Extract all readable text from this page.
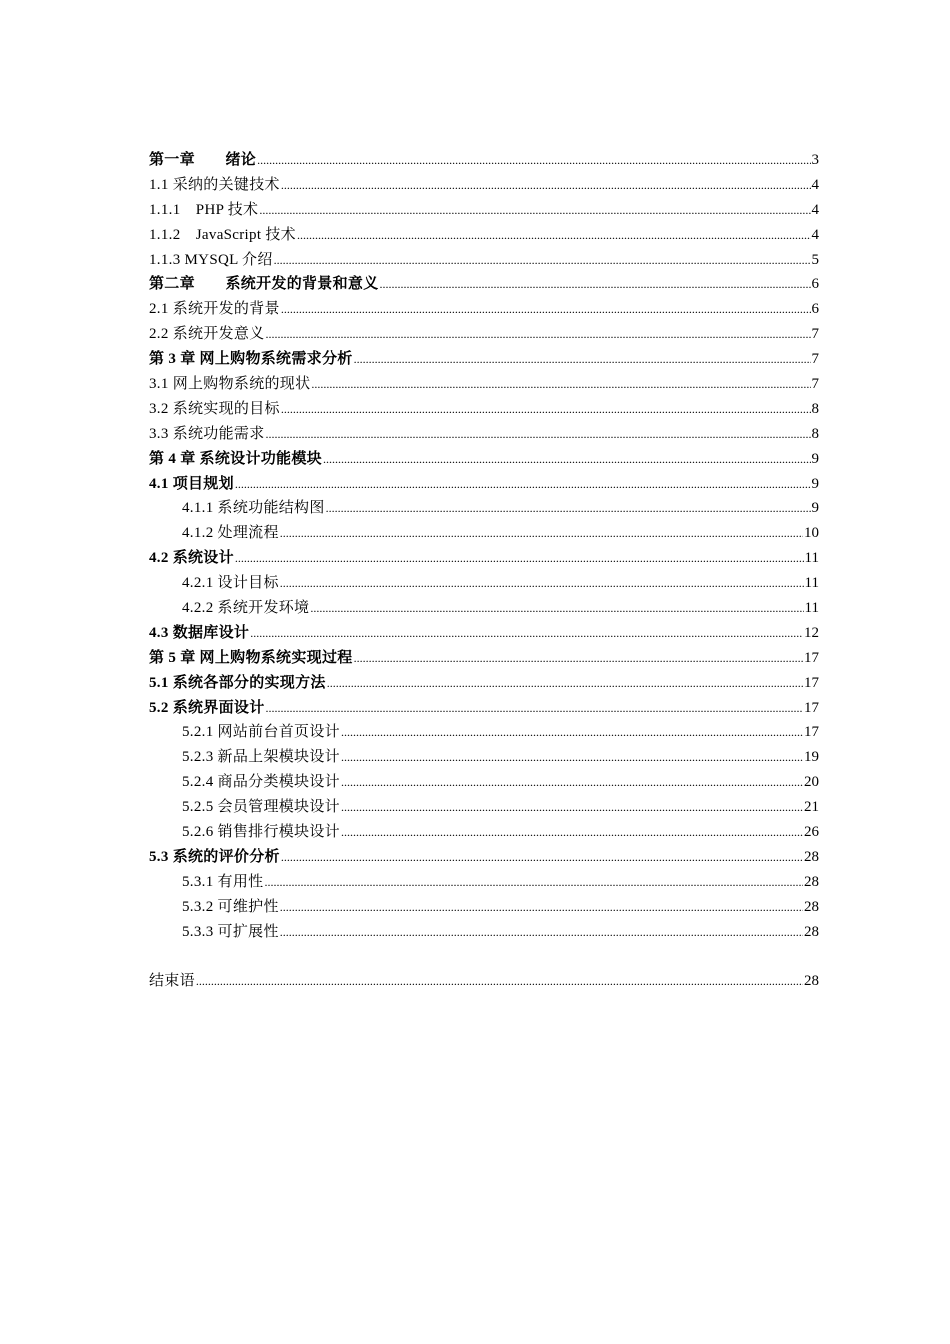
第一章　　绪论 .....	3
1.1 采纳的关键技术 .....	4
1.1.1　PHP 技术 .....	4
1.1.2　JavaScript 技术 .....	4
1.1.3 MYSQL 介绍 .....	5
第二章　　系统开发的背景和意义 .....	6
2.1 系统开发的背景 .....	6
2.2 系统开发意义 .....	7
第 3 章 网上购物系统需求分析 .....	7
3.1 网上购物系统的现状 .....	7
3.2 系统实现的目标 .....	8
3.3 系统功能需求 .....	8
第 4 章 系统设计功能模块 .....	9
4.1 项目规划 .....	9
4.1.1 系统功能结构图 .....	9
4.1.2 处理流程 .....	10
4.2 系统设计 .....	11
4.2.1 设计目标 .....	11
4.2.2 系统开发环境 .....	11
4.3 数据库设计 .....	12
第 5 章 网上购物系统实现过程 .....	17
5.1 系统各部分的实现方法 .....	17
5.2 系统界面设计 .....	17
5.2.1 网站前台首页设计 .....	17
5.2.3 新品上架模块设计 .....	19
5.2.4 商品分类模块设计 .....	20
5.2.5 会员管理模块设计 .....	21
5.2.6 销售排行模块设计 .....	26
5.3 系统的评价分析 .....	28
5.3.1 有用性 .....	28
5.3.2 可维护性 .....	28
5.3.3 可扩展性 .....	28
结束语 .....	28
